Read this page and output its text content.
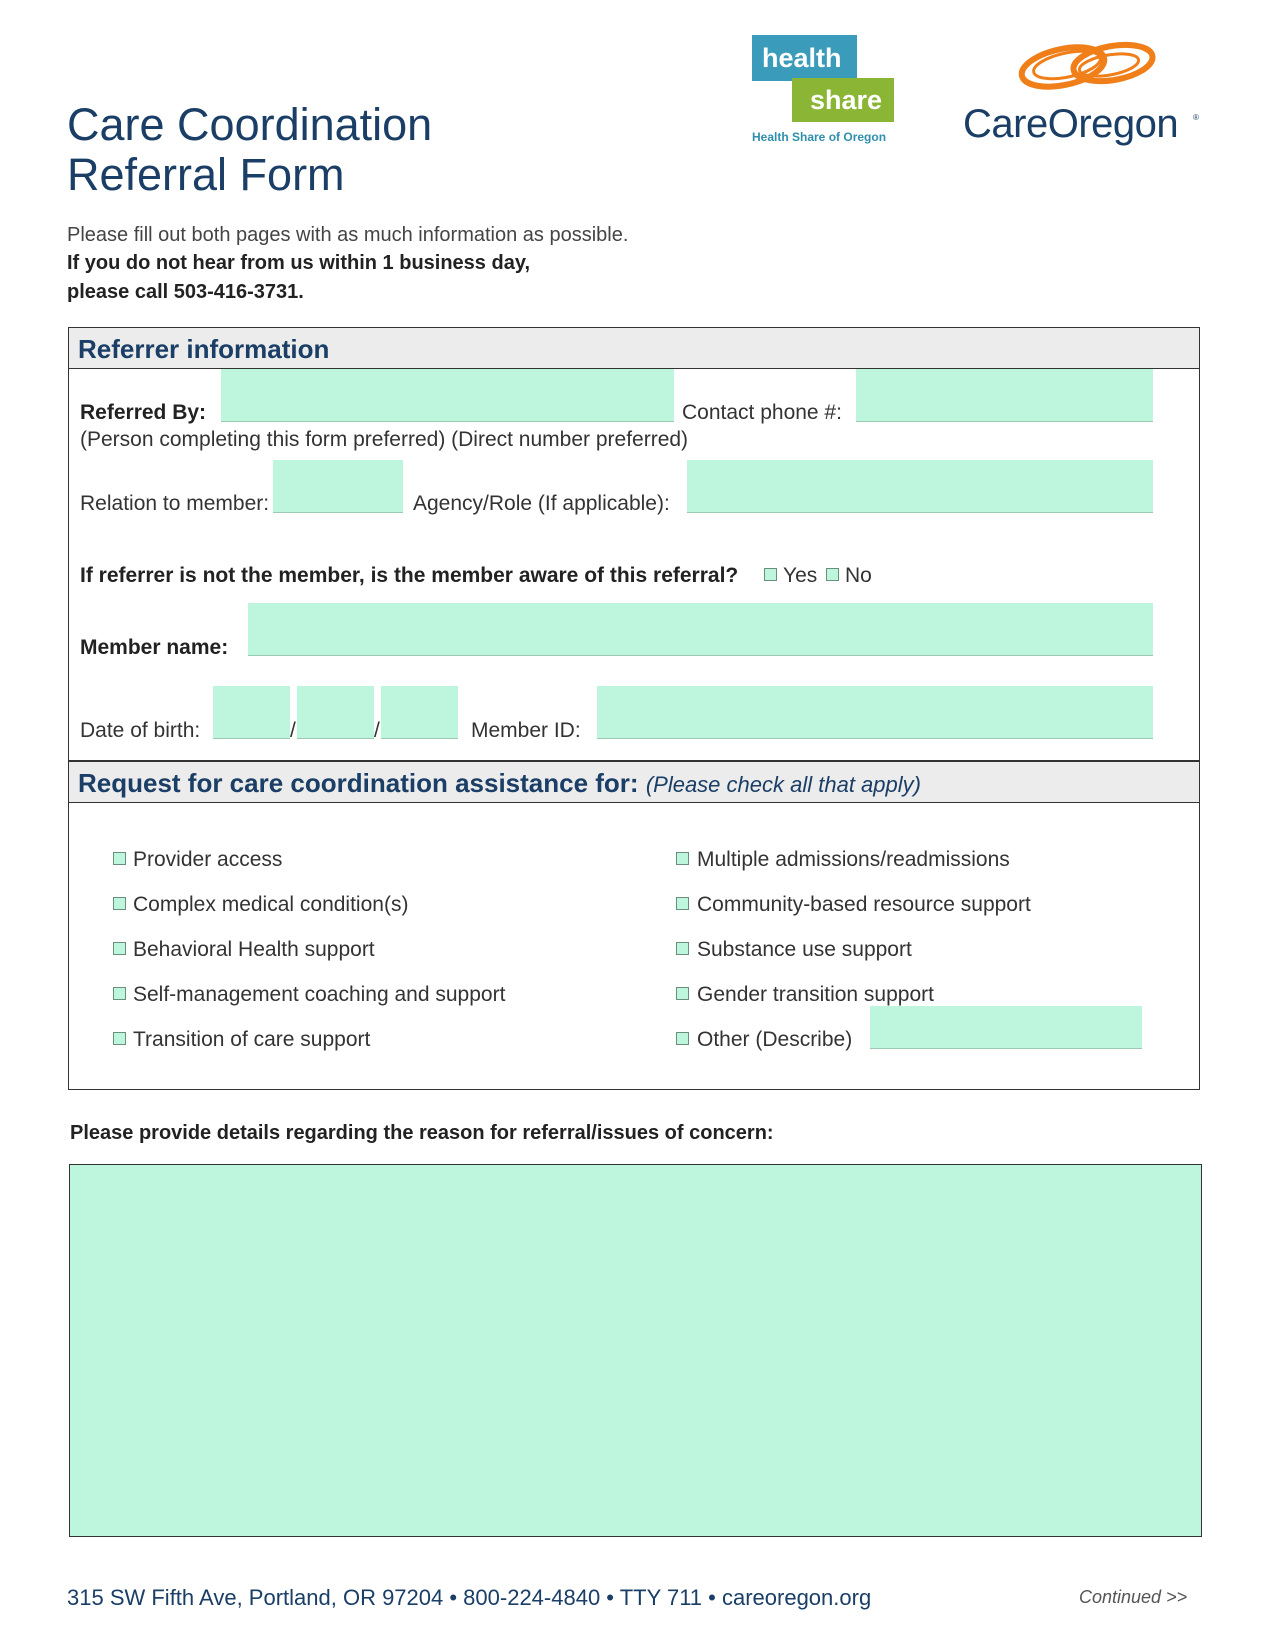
Care Coordination
Referral Form
Please fill out both pages with as much information as possible.
If you do not hear from us within 1 business day,
please call 503-416-3731.
health
share
Health Share of Oregon CareOregon ®
Referrer information
Request for care coordination assistance for: (Please check all that apply)
Referred By:	Contact phone #:
(Person completing this form preferred) (Direct number preferred)
Relation to member:	Agency/Role (If applicable):
If referrer is not the member, is the member aware of this referral? Yes No
Member name:
Date of birth:	/	/	Member ID:
Provider access
Complex medical condition(s)
Behavioral Health support
Self-management coaching and support
Transition of care support
Multiple admissions/readmissions
Community-based resource support
Substance use support
Gender transition support
Other (Describe)
Please provide details regarding the reason for referral/issues of concern:
315 SW Fifth Ave, Portland, OR 97204 • 800-224-4840 • TTY 711 • careoregon.org	Continued >>
